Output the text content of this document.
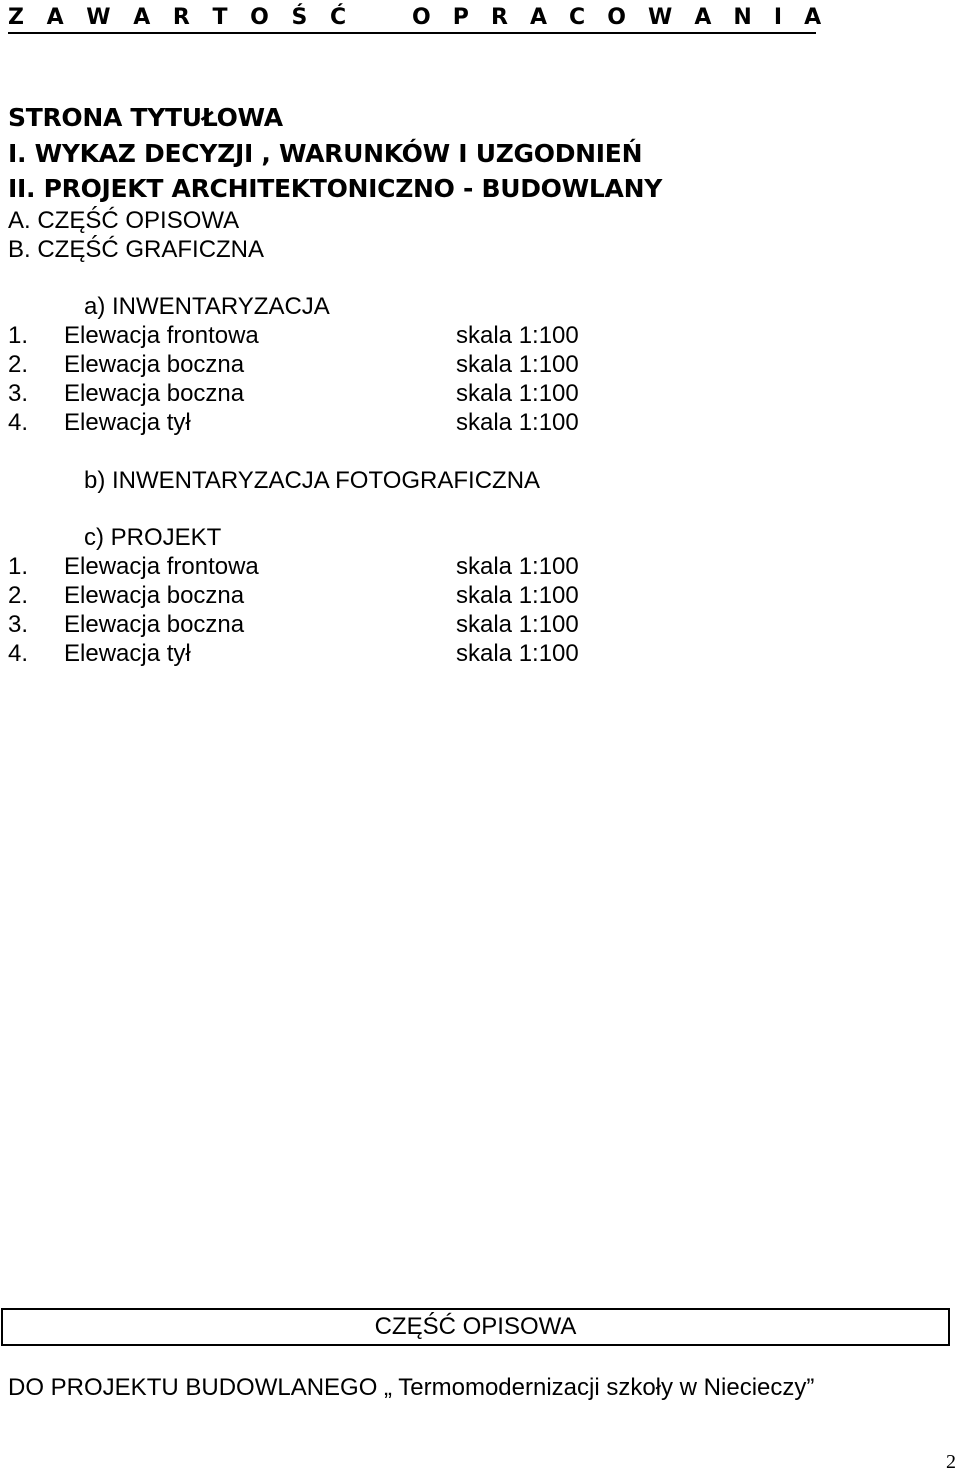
Z A W A R T O Ś Ć	O P R A C O W A N I A
STRONA TYTUŁOWA
I. WYKAZ DECYZJI , WARUNKÓW I UZGODNIEŃ
II. PROJEKT ARCHITEKTONICZNO - BUDOWLANY
A. CZĘŚĆ OPISOWA
B. CZĘŚĆ GRAFICZNA
a) INWENTARYZACJA
1. Elewacja frontowa	skala 1:100
2. Elewacja boczna	skala 1:100
3. Elewacja boczna	skala 1:100
4. Elewacja tył	skala 1:100
b) INWENTARYZACJA FOTOGRAFICZNA
c) PROJEKT
1. Elewacja frontowa	skala 1:100
2. Elewacja boczna	skala 1:100
3. Elewacja boczna	skala 1:100
4. Elewacja tył	skala 1:100
CZĘŚĆ OPISOWA
DO PROJEKTU BUDOWLANEGO „ Termomodernizacji szkoły w Niecieczy”
2
